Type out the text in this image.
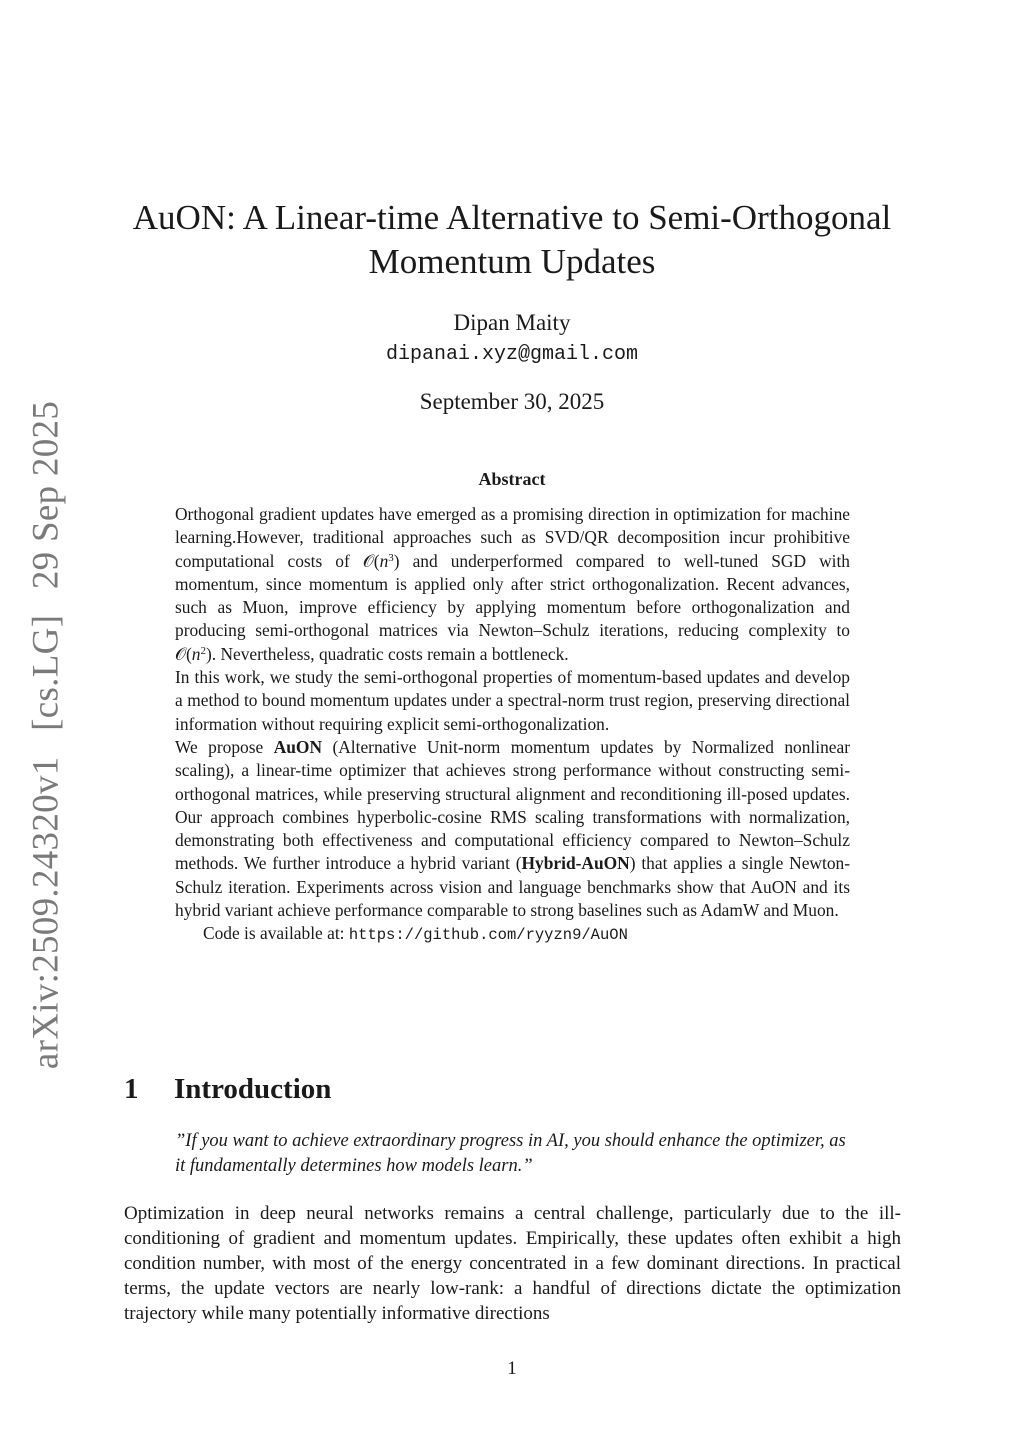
arXiv:2509.24320v1 [cs.LG] 29 Sep 2025
AuON: A Linear-time Alternative to Semi-Orthogonal
Momentum Updates
Dipan Maity
dipanai.xyz@gmail.com
September 30, 2025
Abstract

Orthogonal gradient updates have emerged as a promising direction in optimization for machine learning.However, traditional approaches such as SVD/QR decomposition incur prohibitive computational costs of $𝒪(n^3)$ and underperformed compared to well-tuned SGD with momentum, since momentum is applied only after strict orthogonalization. Recent advances, such as Muon, improve efficiency by applying momentum before orthogonalization and producing semi-orthogonal matrices via Newton–Schulz iterations, reducing complexity to $𝒪(n^2)$. Nevertheless, quadratic costs remain a bottleneck.

In this work, we study the semi-orthogonal properties of momentum-based updates and develop a method to bound momentum updates under a spectral-norm trust region, preserving directional information without requiring explicit semi-orthogonalization.

We propose AuON (Alternative Unit-norm momentum updates by Normalized nonlinear scaling), a linear-time optimizer that achieves strong performance without constructing semi-orthogonal matrices, while preserving structural alignment and reconditioning ill-posed updates. Our approach combines hyperbolic-cosine RMS scaling transformations with normalization, demonstrating both effectiveness and computational efficiency compared to Newton–Schulz methods. We further introduce a hybrid variant (Hybrid-AuON) that applies a single Newton-Schulz iteration. Experiments across vision and language benchmarks show that AuON and its hybrid variant achieve performance comparable to strong baselines such as AdamW and Muon.

Code is available at: https://github.com/ryyzn9/AuON

1 Introduction
”If you want to achieve extraordinary progress in AI, you should enhance the optimizer, as it fundamentally determines how models learn.”

Optimization in deep neural networks remains a central challenge, particularly due to the ill-conditioning of gradient and momentum updates. Empirically, these updates often exhibit a high condition number, with most of the energy concentrated in a few dominant directions. In practical terms, the update vectors are nearly low-rank: a handful of directions dictate the optimization trajectory while many potentially informative directions

1
